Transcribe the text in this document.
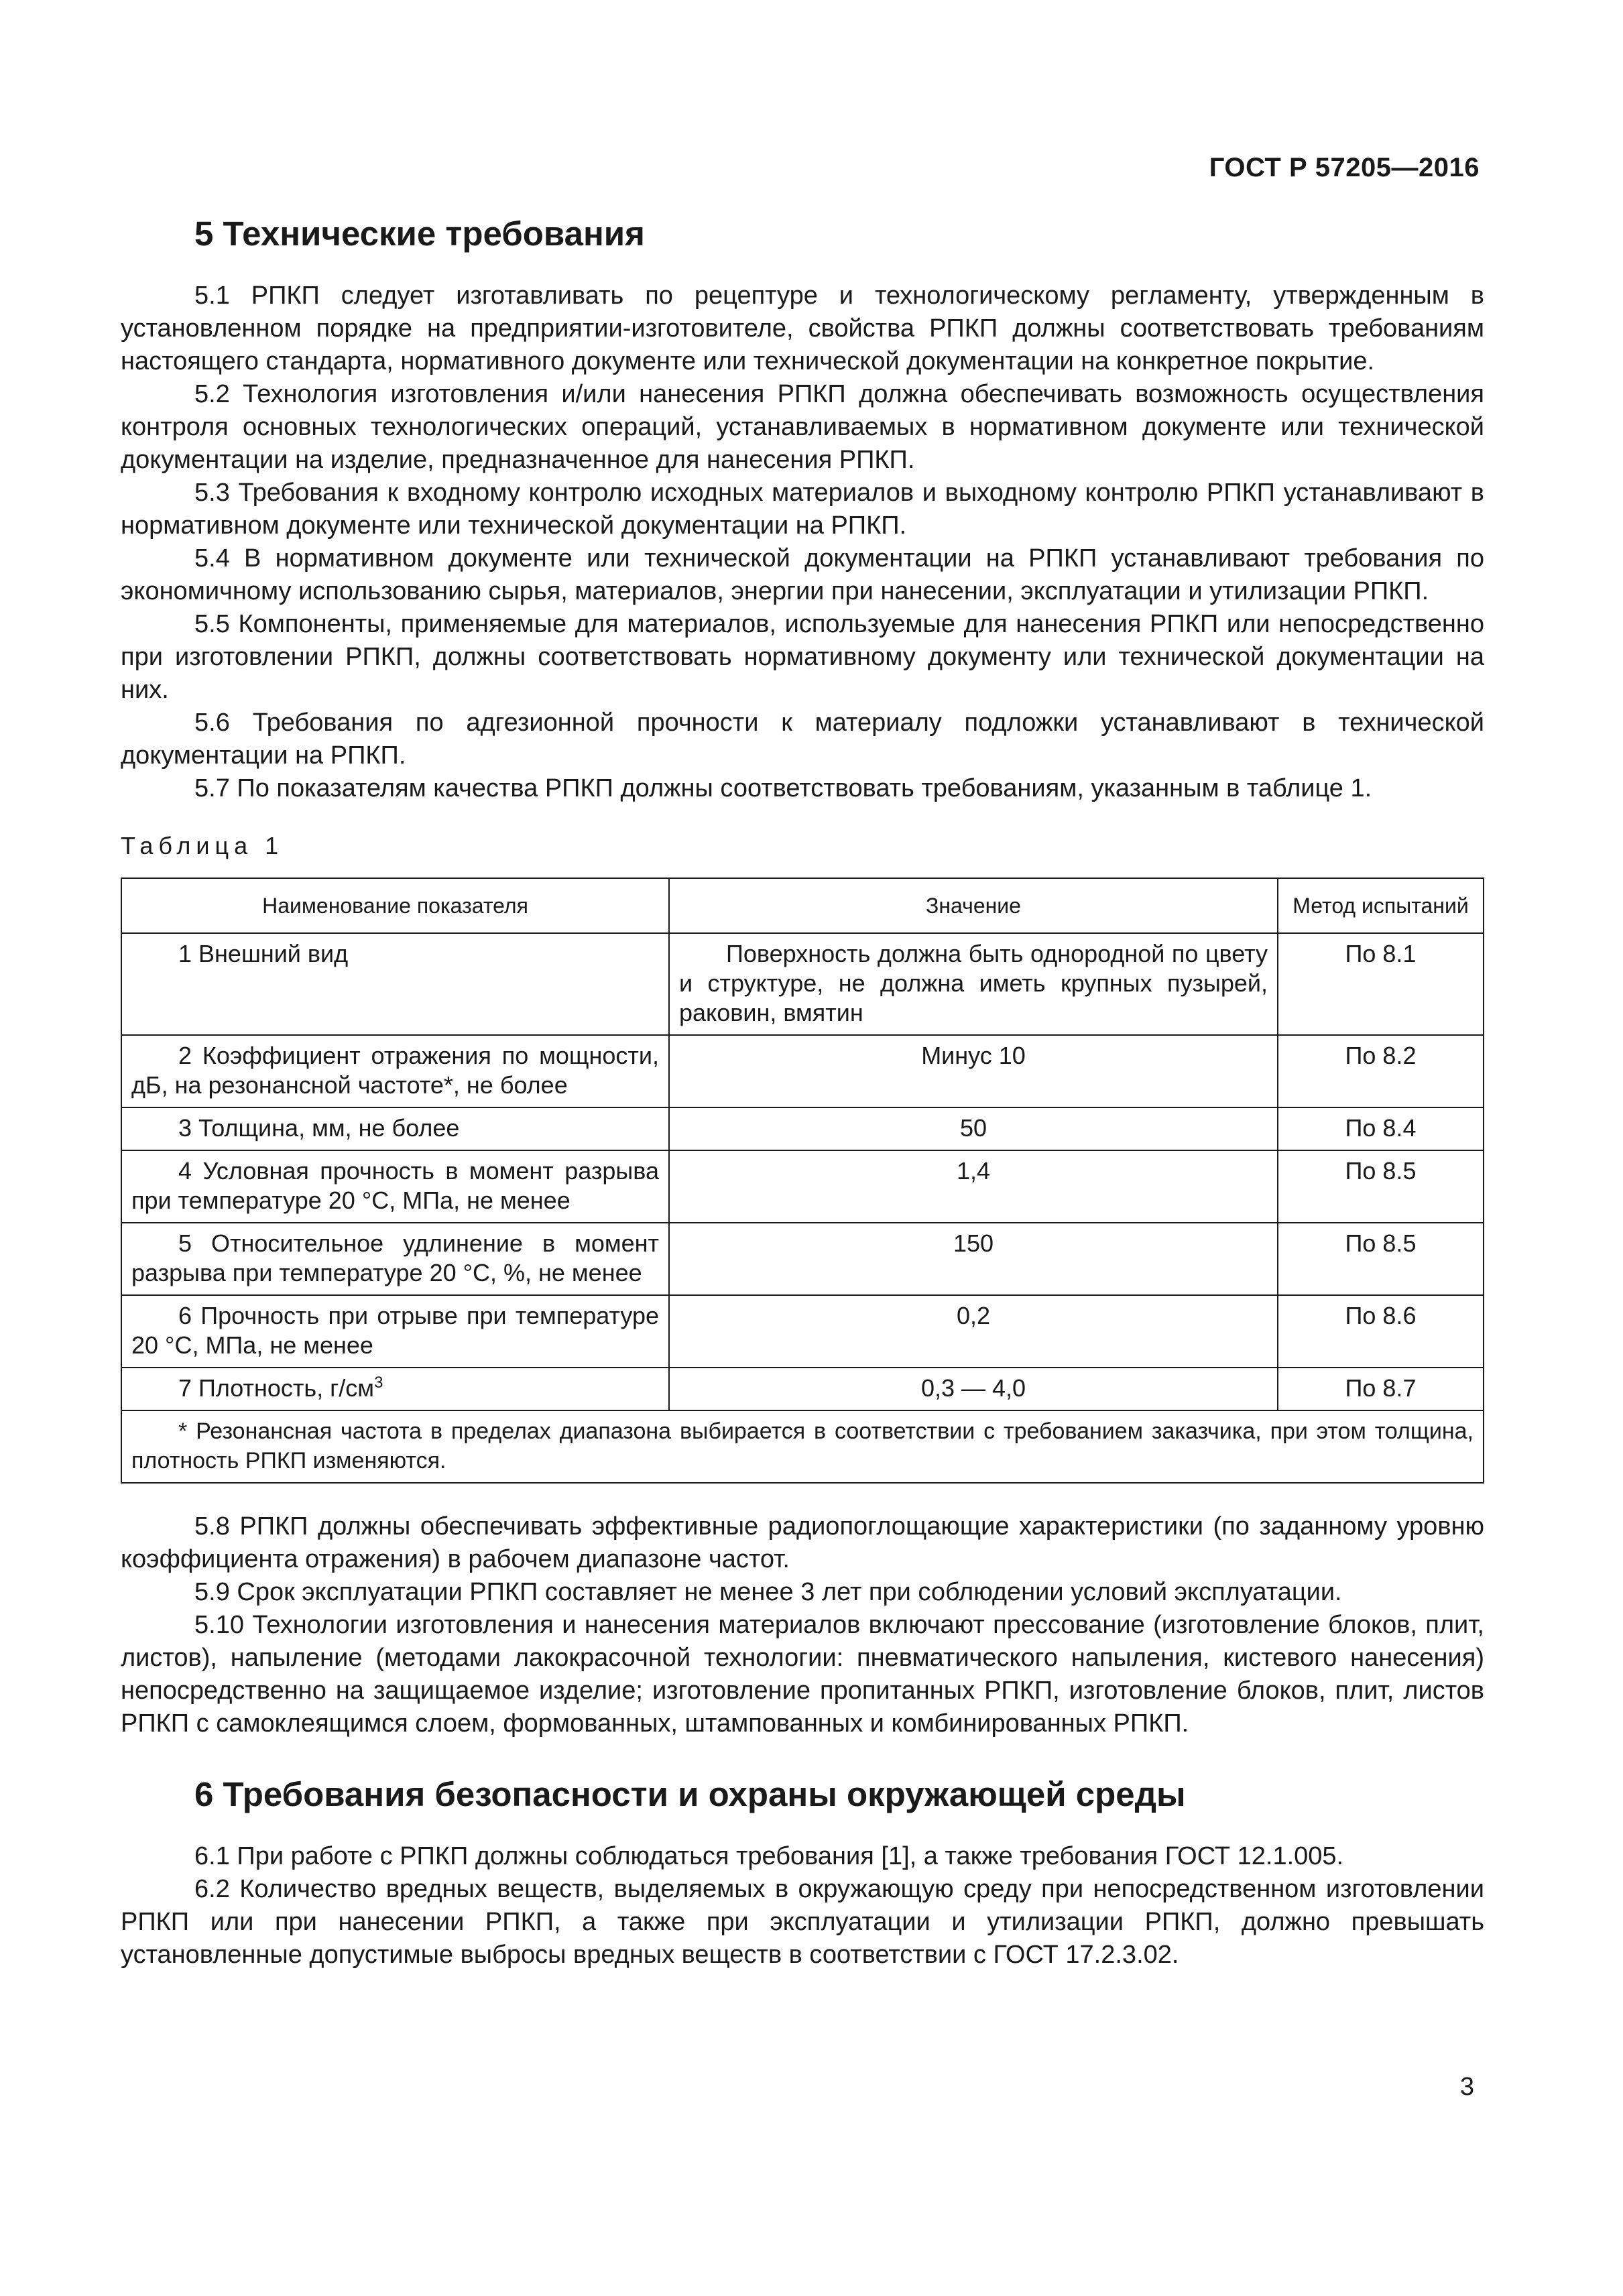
ГОСТ Р 57205—2016
5 Технические требования

5.1 РПКП следует изготавливать по рецептуре и технологическому регламенту, утвержденным в установленном порядке на предприятии-изготовителе, свойства РПКП должны соответствовать требованиям настоящего стандарта, нормативного документе или технической документации на конкретное покрытие.

5.2 Технология изготовления и/или нанесения РПКП должна обеспечивать возможность осуществления контроля основных технологических операций, устанавливаемых в нормативном документе или технической документации на изделие, предназначенное для нанесения РПКП.

5.3 Требования к входному контролю исходных материалов и выходному контролю РПКП устанавливают в нормативном документе или технической документации на РПКП.

5.4 В нормативном документе или технической документации на РПКП устанавливают требования по экономичному использованию сырья, материалов, энергии при нанесении, эксплуатации и утилизации РПКП.

5.5 Компоненты, применяемые для материалов, используемые для нанесения РПКП или непосредственно при изготовлении РПКП, должны соответствовать нормативному документу или технической документации на них.

5.6 Требования по адгезионной прочности к материалу подложки устанавливают в технической документации на РПКП.

5.7 По показателям качества РПКП должны соответствовать требованиям, указанным в таблице 1.

Таблица 1
Наименование показателя	Значение	Метод испытаний
1 Внешний вид	Поверхность должна быть однородной по цвету и структуре, не должна иметь крупных пузырей, раковин, вмятин	По 8.1
2 Коэффициент отражения по мощности, дБ, на резонансной частоте*, не более	Минус 10	По 8.2
3 Толщина, мм, не более	50	По 8.4
4 Условная прочность в момент разрыва при температуре 20 °С, МПа, не менее	1,4	По 8.5
5 Относительное удлинение в момент разрыва при температуре 20 °С, %, не менее	150	По 8.5
6 Прочность при отрыве при температуре 20 °С, МПа, не менее	0,2	По 8.6
7 Плотность, $г/см^3$	0,3 — 4,0	По 8.7
* Резонансная частота в пределах диапазона выбирается в соответствии с требованием заказчика, при этом толщина, плотность РПКП изменяются.		

5.8 РПКП должны обеспечивать эффективные радиопоглощающие характеристики (по заданному уровню коэффициента отражения) в рабочем диапазоне частот.

5.9 Срок эксплуатации РПКП составляет не менее 3 лет при соблюдении условий эксплуатации.

5.10 Технологии изготовления и нанесения материалов включают прессование (изготовление блоков, плит, листов), напыление (методами лакокрасочной технологии: пневматического напыления, кистевого нанесения) непосредственно на защищаемое изделие; изготовление пропитанных РПКП, изготовление блоков, плит, листов РПКП с самоклеящимся слоем, формованных, штампованных и комбинированных РПКП.

6 Требования безопасности и охраны окружающей среды

6.1 При работе с РПКП должны соблюдаться требования [1], а также требования ГОСТ 12.1.005.

6.2 Количество вредных веществ, выделяемых в окружающую среду при непосредственном изготовлении РПКП или при нанесении РПКП, а также при эксплуатации и утилизации РПКП, должно превышать установленные допустимые выбросы вредных веществ в соответствии с ГОСТ 17.2.3.02.

3
